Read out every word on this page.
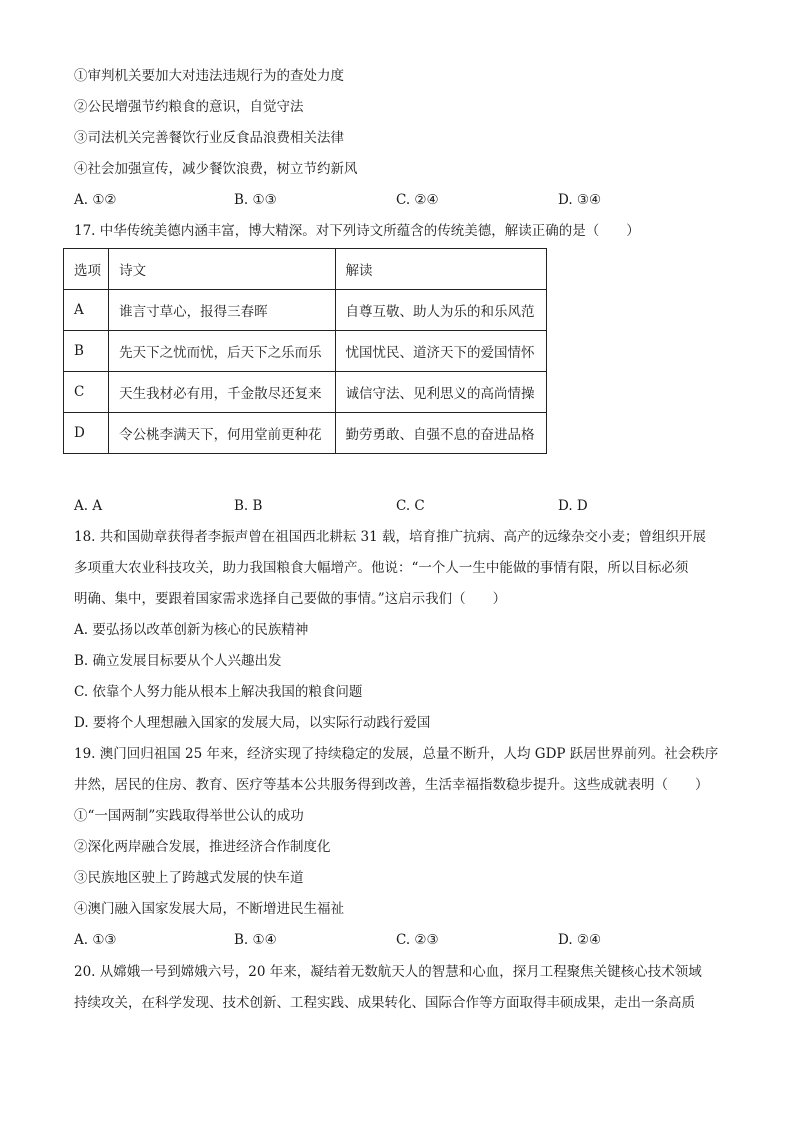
①审判机关要加大对违法违规行为的查处力度
②公民增强节约粮食的意识，自觉守法
③司法机关完善餐饮行业反食品浪费相关法律
④社会加强宣传，减少餐饮浪费，树立节约新风
A. ①②	B. ①③	C. ②④	D. ③④
17. 中华传统美德内涵丰富，博大精深。对下列诗文所蕴含的传统美德，解读正确的是（　　）
选项	诗文	解读
A	谁言寸草心，报得三春晖	自尊互敬、助人为乐的和乐风范
B	先天下之忧而忧，后天下之乐而乐	忧国忧民、道济天下的爱国情怀
C	天生我材必有用，千金散尽还复来	诚信守法、见利思义的高尚情操
D	令公桃李满天下，何用堂前更种花	勤劳勇敢、自强不息的奋进品格
A. A	B. B	C. C	D. D
18. 共和国勋章获得者李振声曾在祖国西北耕耘 31 载，培育推广抗病、高产的远缘杂交小麦；曾组织开展
多项重大农业科技攻关，助力我国粮食大幅增产。他说：“一个人一生中能做的事情有限，所以目标必须
明确、集中，要跟着国家需求选择自己要做的事情。”这启示我们（　　）
A. 要弘扬以改革创新为核心的民族精神
B. 确立发展目标要从个人兴趣出发
C. 依靠个人努力能从根本上解决我国的粮食问题
D. 要将个人理想融入国家的发展大局，以实际行动践行爱国
19. 澳门回归祖国 25 年来，经济实现了持续稳定的发展，总量不断升，人均 GDP 跃居世界前列。社会秩序
井然，居民的住房、教育、医疗等基本公共服务得到改善，生活幸福指数稳步提升。这些成就表明（　　）
①“一国两制”实践取得举世公认的成功
②深化两岸融合发展，推进经济合作制度化
③民族地区驶上了跨越式发展的快车道
④澳门融入国家发展大局，不断增进民生福祉
A. ①③	B. ①④	C. ②③	D. ②④
20. 从嫦娥一号到嫦娥六号，20 年来，凝结着无数航天人的智慧和心血，探月工程聚焦关键核心技术领域
持续攻关，在科学发现、技术创新、工程实践、成果转化、国际合作等方面取得丰硕成果，走出一条高质
